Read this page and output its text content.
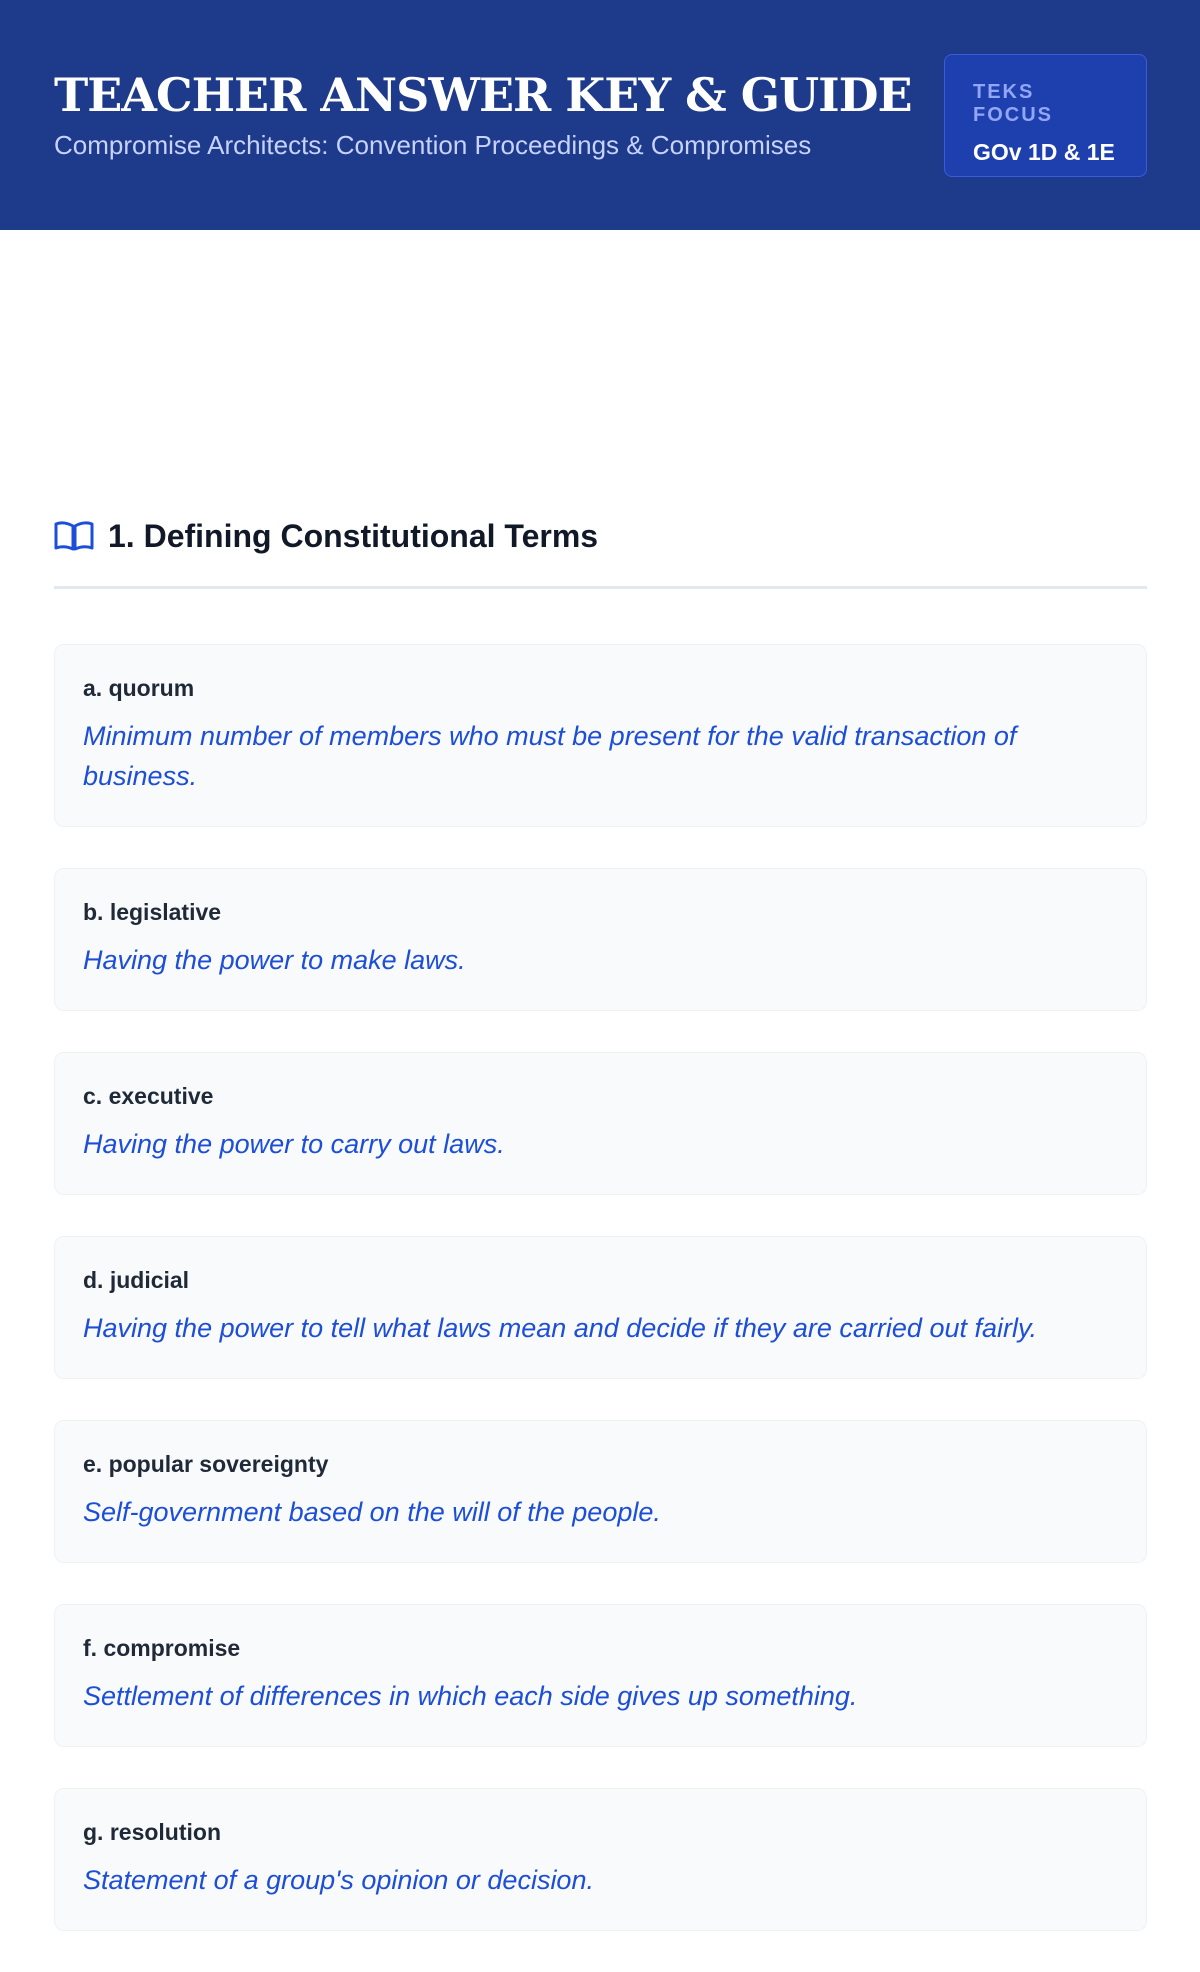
TEACHER ANSWER KEY & GUIDE
Compromise Architects: Convention Proceedings & Compromises
TEKS FOCUS
GOv 1D & 1E
1. Defining Constitutional Terms
a. quorum
Minimum number of members who must be present for the valid transaction of business.
b. legislative
Having the power to make laws.
c. executive
Having the power to carry out laws.
d. judicial
Having the power to tell what laws mean and decide if they are carried out fairly.
e. popular sovereignty
Self-government based on the will of the people.
f. compromise
Settlement of differences in which each side gives up something.
g. resolution
Statement of a group's opinion or decision.
